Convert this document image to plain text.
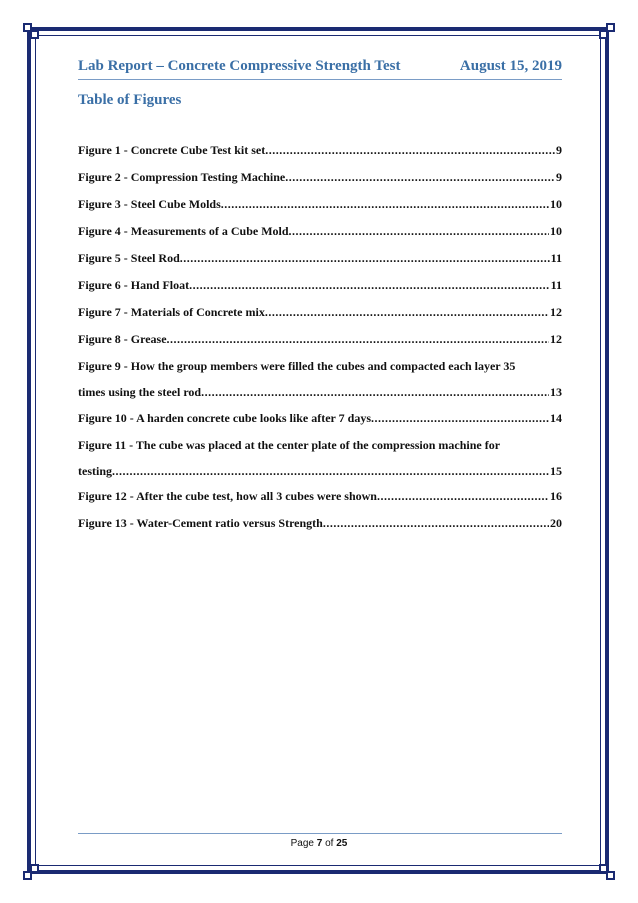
Lab Report – Concrete Compressive Strength Test	August 15, 2019
Table of Figures
Figure 1 - Concrete Cube Test kit set .....	9
Figure 2 - Compression Testing Machine .....	9
Figure 3 - Steel Cube Molds .....	10
Figure 4 - Measurements of a Cube Mold .....	10
Figure 5 - Steel Rod .....	11
Figure 6 - Hand Float .....	11
Figure 7 - Materials of Concrete mix .....	12
Figure 8 - Grease .....	12
Figure 9 - How the group members were filled the cubes and compacted each layer 35
times using the steel rod .....	13
Figure 10 - A harden concrete cube looks like after 7 days .....	14
Figure 11 - The cube was placed at the center plate of the compression machine for
testing .....	15
Figure 12 - After the cube test, how all 3 cubes were shown .....	16
Figure 13 - Water-Cement ratio versus Strength .....	20
Page 7 of 25
